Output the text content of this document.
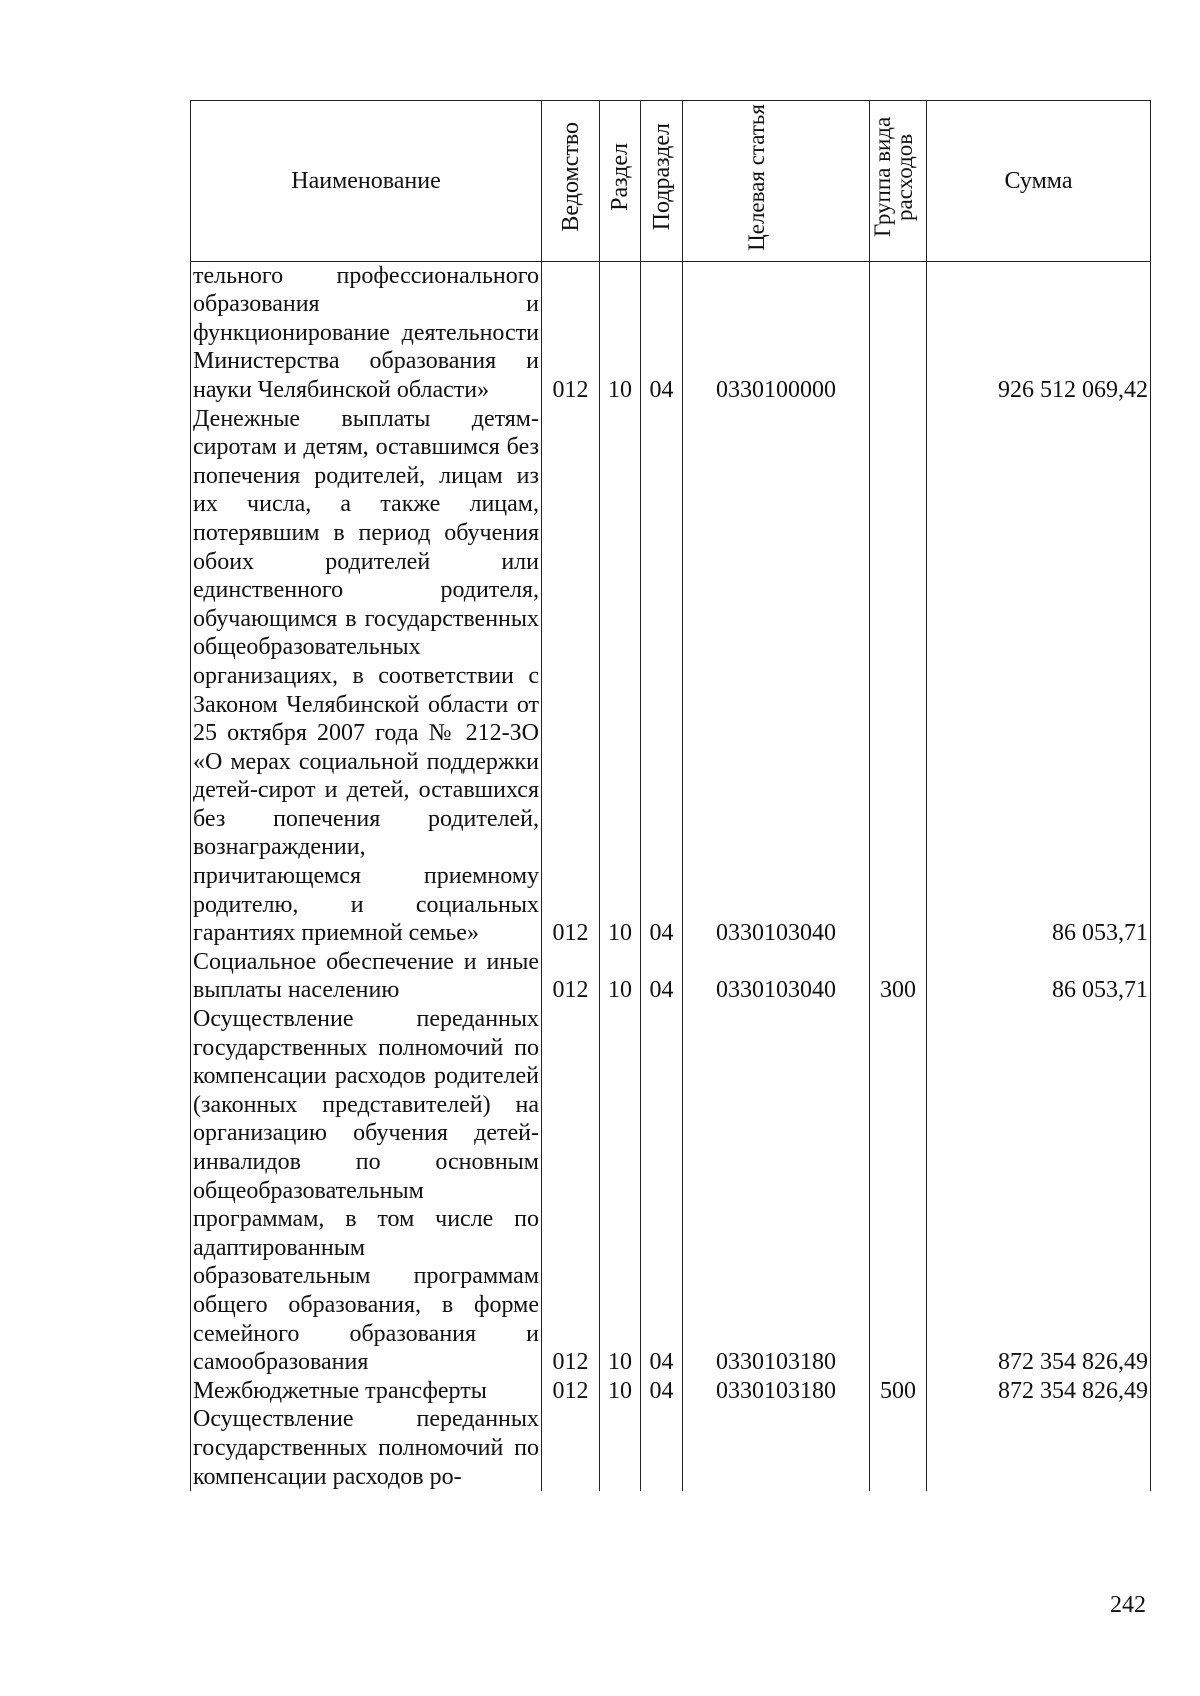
Наименование	Ведомство	Раздел	Подраздел	Целевая статья	Группа вида расходов	Сумма
тельного профессионального образования и функционирование деятельности Министерства образования и науки Челябинской области»	012	10	04	0330100000		926 512 069,42
Денежные выплаты детям-сиротам и детям, оставшимся без попечения родителей, лицам из их числа, а также лицам, потерявшим в период обучения обоих родителей или единственного родителя, обучающимся в государственных общеобразовательных организациях, в соответствии с Законом Челябинской области от 25 октября 2007 года № 212-ЗО «О мерах социальной поддержки детей-сирот и детей, оставшихся без попечения родителей, вознаграждении, причитающемся приемному родителю, и социальных гарантиях приемной семье»	012	10	04	0330103040		86 053,71
Социальное обеспечение и иные выплаты населению	012	10	04	0330103040	300	86 053,71
Осуществление переданных государственных полномочий по компенсации расходов родителей (законных представителей) на организацию обучения детей-инвалидов по основным общеобразовательным программам, в том числе по адаптированным образовательным программам общего образования, в форме семейного образования и самообразования	012	10	04	0330103180		872 354 826,49
Межбюджетные трансферты	012	10	04	0330103180	500	872 354 826,49
Осуществление переданных государственных полномочий по компенсации расходов ро-						
242
